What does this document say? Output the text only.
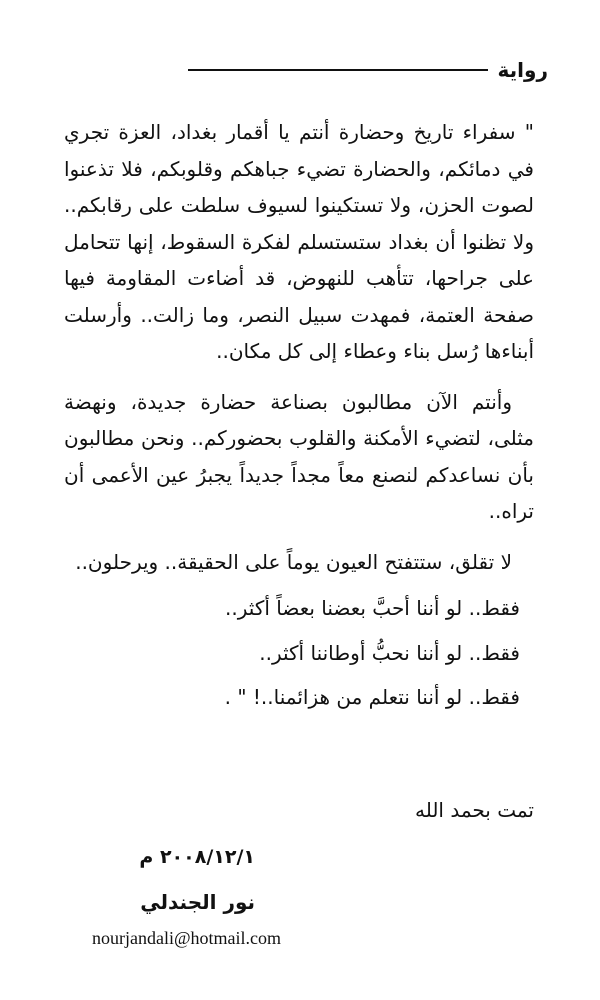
رواية

" سفراء تاريخ وحضارة أنتم يا أقمار بغداد، العزة تجري في دمائكم، والحضارة تضيء جباهكم وقلوبكم، فلا تذعنوا لصوت الحزن، ولا تستكينوا لسيوف سلطت على رقابكم.. ولا تظنوا أن بغداد ستستسلم لفكرة السقوط، إنها تتحامل على جراحها، تتأهب للنهوض، قد أضاءت المقاومة فيها صفحة العتمة، فمهدت سبيل النصر، وما زالت.. وأرسلت أبناءها رُسل بناء وعطاء إلى كل مكان..

وأنتم الآن مطالبون بصناعة حضارة جديدة، ونهضة مثلى، لتضيء الأمكنة والقلوب بحضوركم.. ونحن مطالبون بأن نساعدكم لنصنع معاً مجداً جديداً يجبرُ عين الأعمى أن تراه..

لا تقلق، ستتفتح العيون يوماً على الحقيقة.. ويرحلون..

فقط.. لو أننا أحبَّ بعضنا بعضاً أكثر..

فقط.. لو أننا نحبُّ أوطاننا أكثر..

فقط.. لو أننا نتعلم من هزائمنا..! " .

تمت بحمد الله
٢٠٠٨/١٢/١ م
نور الجندلي
nourjandali@hotmail.com
